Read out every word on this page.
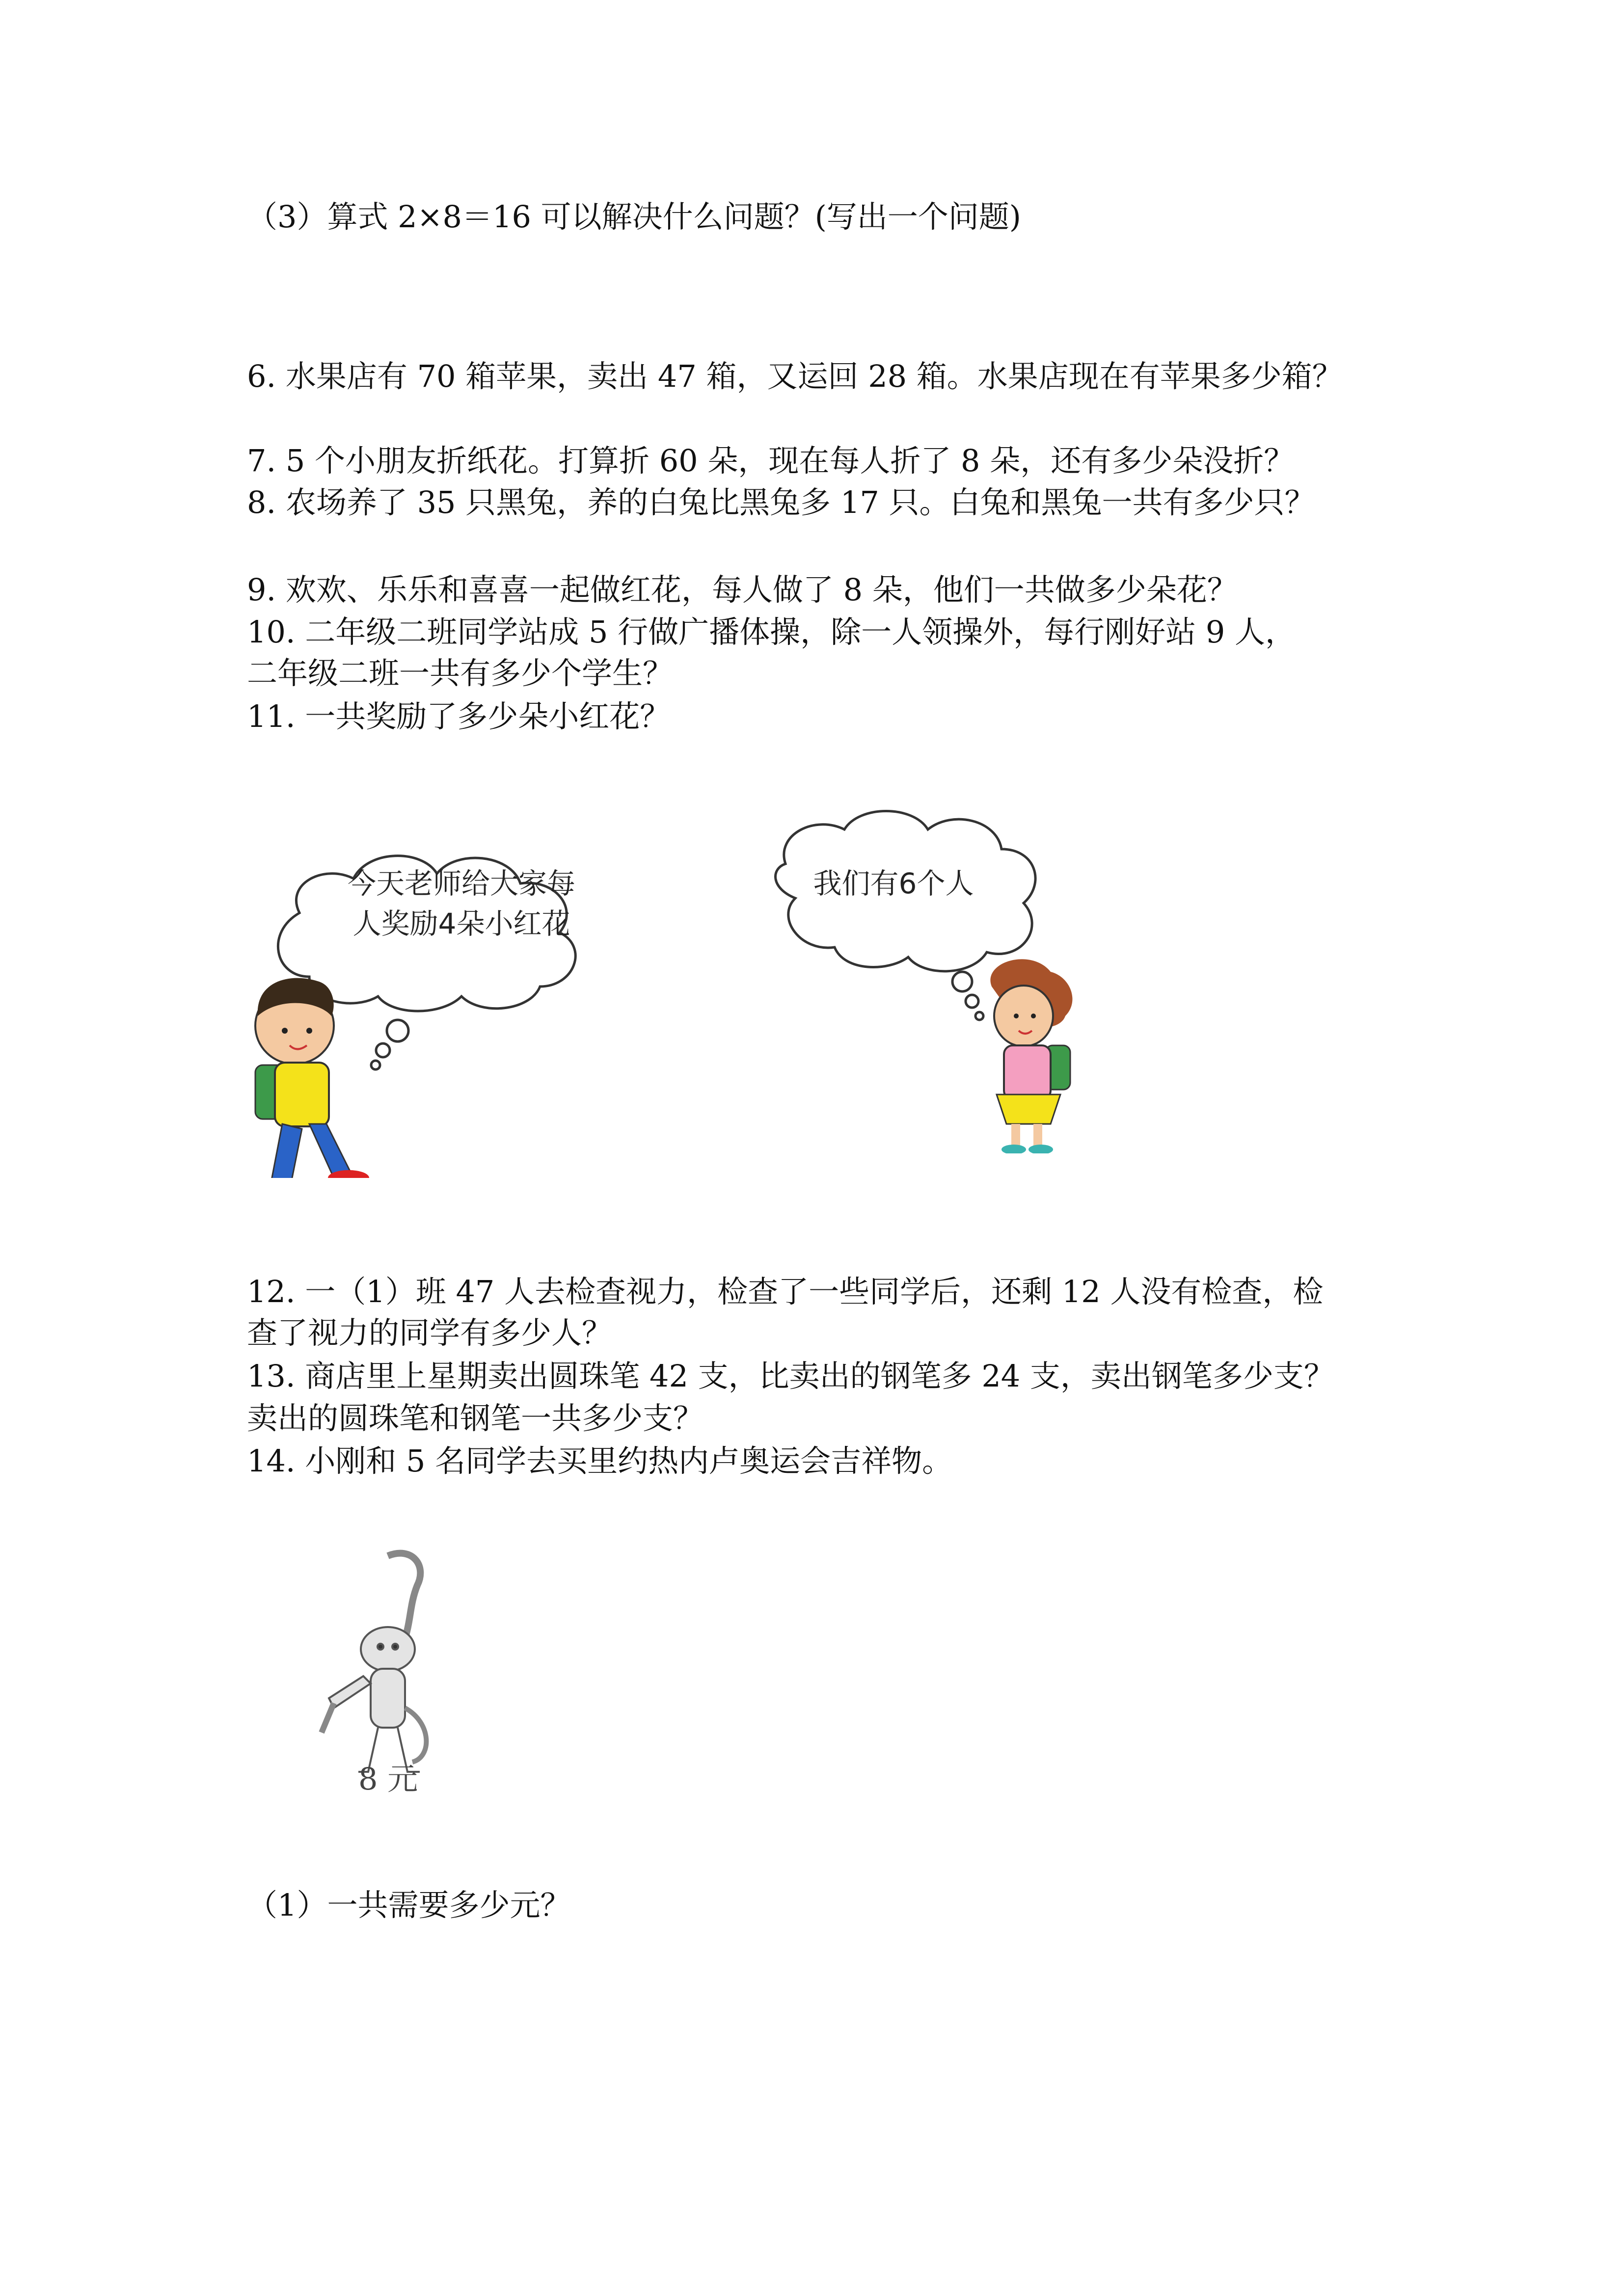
（3）算式 2×8＝16 可以解决什么问题？(写出一个问题)
6. 水果店有 70 箱苹果，卖出 47 箱，又运回 28 箱。水果店现在有苹果多少箱？
7. 5 个小朋友折纸花。打算折 60 朵，现在每人折了 8 朵，还有多少朵没折？
8. 农场养了 35 只黑兔，养的白兔比黑兔多 17 只。白兔和黑兔一共有多少只？
9. 欢欢、乐乐和喜喜一起做红花，每人做了 8 朵，他们一共做多少朵花？
10. 二年级二班同学站成 5 行做广播体操，除一人领操外，每行刚好站 9 人，
二年级二班一共有多少个学生？
11. 一共奖励了多少朵小红花？
今天老师给大家每
人奖励4朵小红花
我们有6个人
12. 一（1）班 47 人去检查视力，检查了一些同学后，还剩 12 人没有检查，检
查了视力的同学有多少人？
13. 商店里上星期卖出圆珠笔 42 支，比卖出的钢笔多 24 支，卖出钢笔多少支？
卖出的圆珠笔和钢笔一共多少支？
14. 小刚和 5 名同学去买里约热内卢奥运会吉祥物。
8 元
（1）一共需要多少元？
